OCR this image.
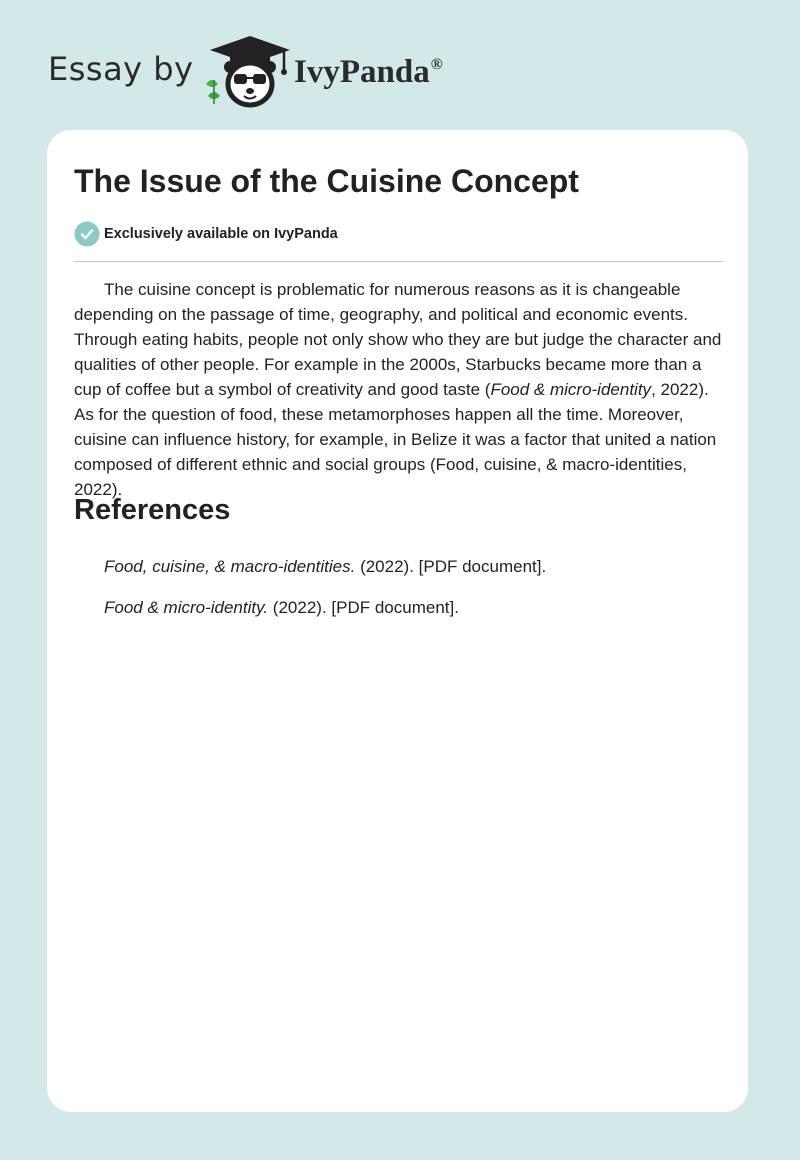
Essay by	IvyPanda®
The Issue of the Cuisine Concept
Exclusively available on IvyPanda

The cuisine concept is problematic for numerous reasons as it is changeable depending on the passage of time, geography, and political and economic events. Through eating habits, people not only show who they are but judge the character and qualities of other people. For example in the 2000s, Starbucks became more than a cup of coffee but a symbol of creativity and good taste (Food & micro-identity, 2022). As for the question of food, these metamorphoses happen all the time. Moreover, cuisine can influence history, for example, in Belize it was a factor that united a nation composed of different ethnic and social groups (Food, cuisine, & macro-identities, 2022).

References

Food, cuisine, & macro-identities. (2022). [PDF document].

Food & micro-identity. (2022). [PDF document].
